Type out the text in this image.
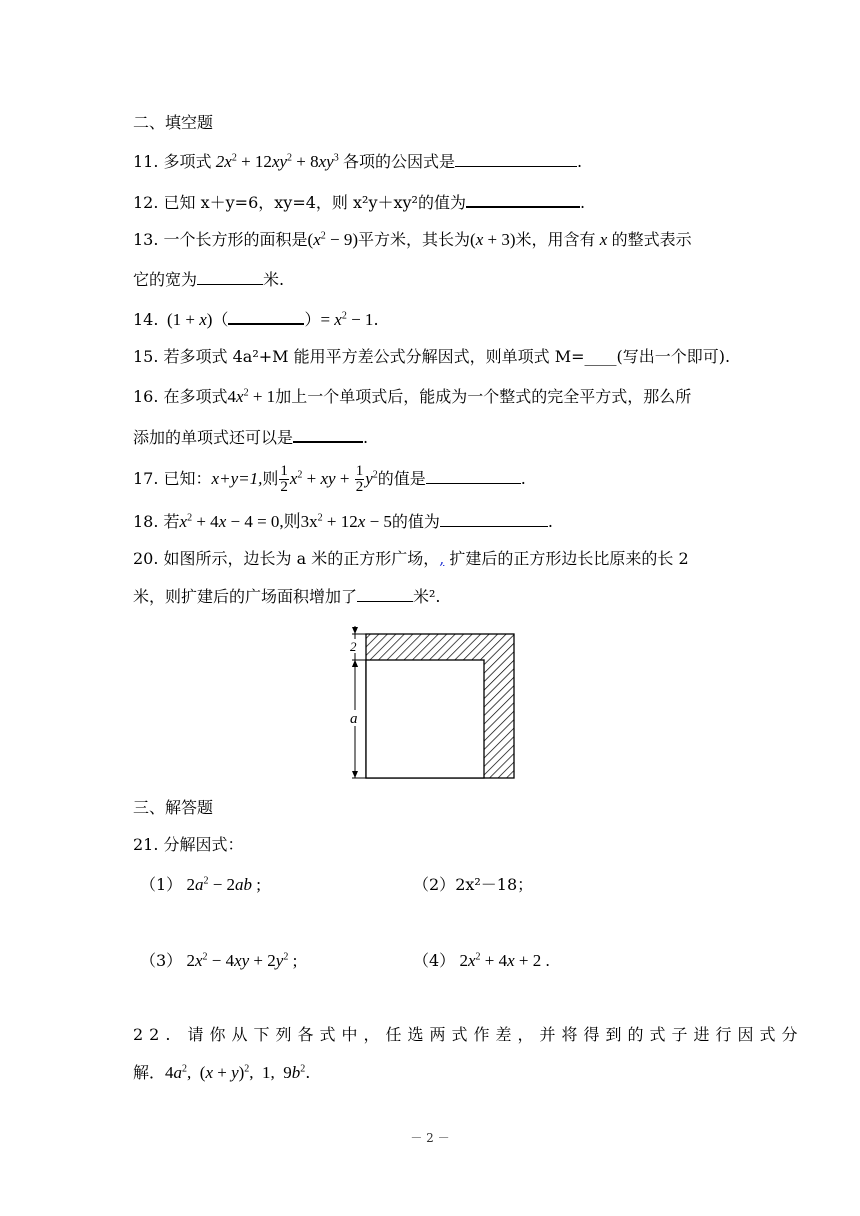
二、填空题
11. 多项式 $2x^2 + 12xy^2 + 8xy^3$ 各项的公因式是	.
12. 已知 x＋y=6，xy=4，则 x²y＋xy²的值为	.
13. 一个长方形的面积是$(x^2 - 9)$平方米，其长为(x + 3)米，用含有 x 的整式表示
它的宽为	米.
14.  (1 + x)（	）= $x^2 - 1$.
15. 若多项式 4a²+M 能用平方差公式分解因式，则单项式 M=____(写出一个即可).
16. 在多项式$4x^2 + 1$加上一个单项式后，能成为一个整式的完全平方式，那么所
添加的单项式还可以是	.
17. 已知：x+y=1,则 $\frac{1}{2} x^2$ + xy + $\frac{1}{2} y^2$的值是	.
18. 若$x^2 + 4x - 4 = 0$,则$3x^2 + 12x - 5$的值为	.
20. 如图所示，边长为 a 米的正方形广场，, 扩建后的正方形边长比原来的长 2
米，则扩建后的广场面积增加了	米².
2
a
三、解答题
21. 分解因式：
（1） $2a^2 - 2ab$ ;	（2）2x²－18；
（3） $2x^2 - 4xy + 2y^2$ ;	（4） $2x^2 + 4x + 2$ .
22. 请你从下列各式中，任选两式作差，并将得到的式子进行因式分
解．$4a^2$,  $(x + y)^2$,  1,  $9b^2$.
－ 2 －
